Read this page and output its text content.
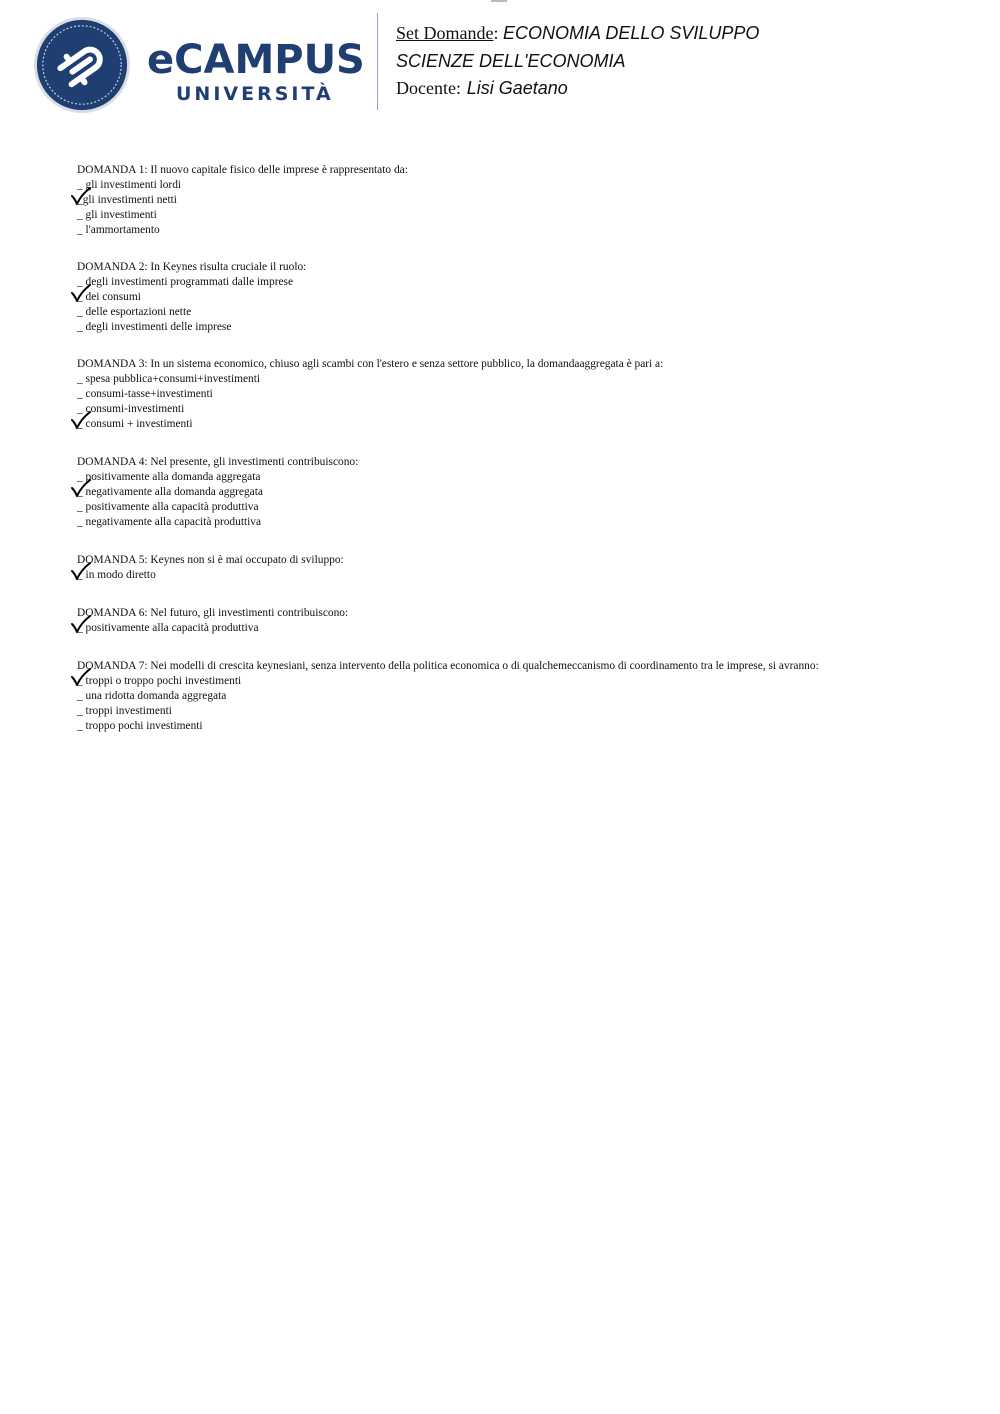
eCAMPUS
UNIVERSITÀ
Set Domande: ECONOMIA DELLO SVILUPPO
SCIENZE DELL'ECONOMIA
Docente: Lisi Gaetano
DOMANDA 1: Il nuovo capitale fisico delle imprese è rappresentato da:
_ gli investimenti lordi
_gli investimenti netti
_ gli investimenti
_ l'ammortamento
DOMANDA 2: In Keynes risulta cruciale il ruolo:
_ degli investimenti programmati dalle imprese
_ dei consumi
_ delle esportazioni nette
_ degli investimenti delle imprese
DOMANDA 3: In un sistema economico, chiuso agli scambi con l'estero e senza settore pubblico, la domandaaggregata è pari a:
_ spesa pubblica+consumi+investimenti
_ consumi-tasse+investimenti
_ consumi-investimenti
_ consumi + investimenti
DOMANDA 4: Nel presente, gli investimenti contribuiscono:
_ positivamente alla domanda aggregata
_ negativamente alla domanda aggregata
_ positivamente alla capacità produttiva
_ negativamente alla capacità produttiva
DOMANDA 5: Keynes non si è mai occupato di sviluppo:
_ in modo diretto
DOMANDA 6: Nel futuro, gli investimenti contribuiscono:
_ positivamente alla capacità produttiva
DOMANDA 7: Nei modelli di crescita keynesiani, senza intervento della politica economica o di qualchemeccanismo di coordinamento tra le imprese, si avranno:
_ troppi o troppo pochi investimenti
_ una ridotta domanda aggregata
_ troppi investimenti
_ troppo pochi investimenti
